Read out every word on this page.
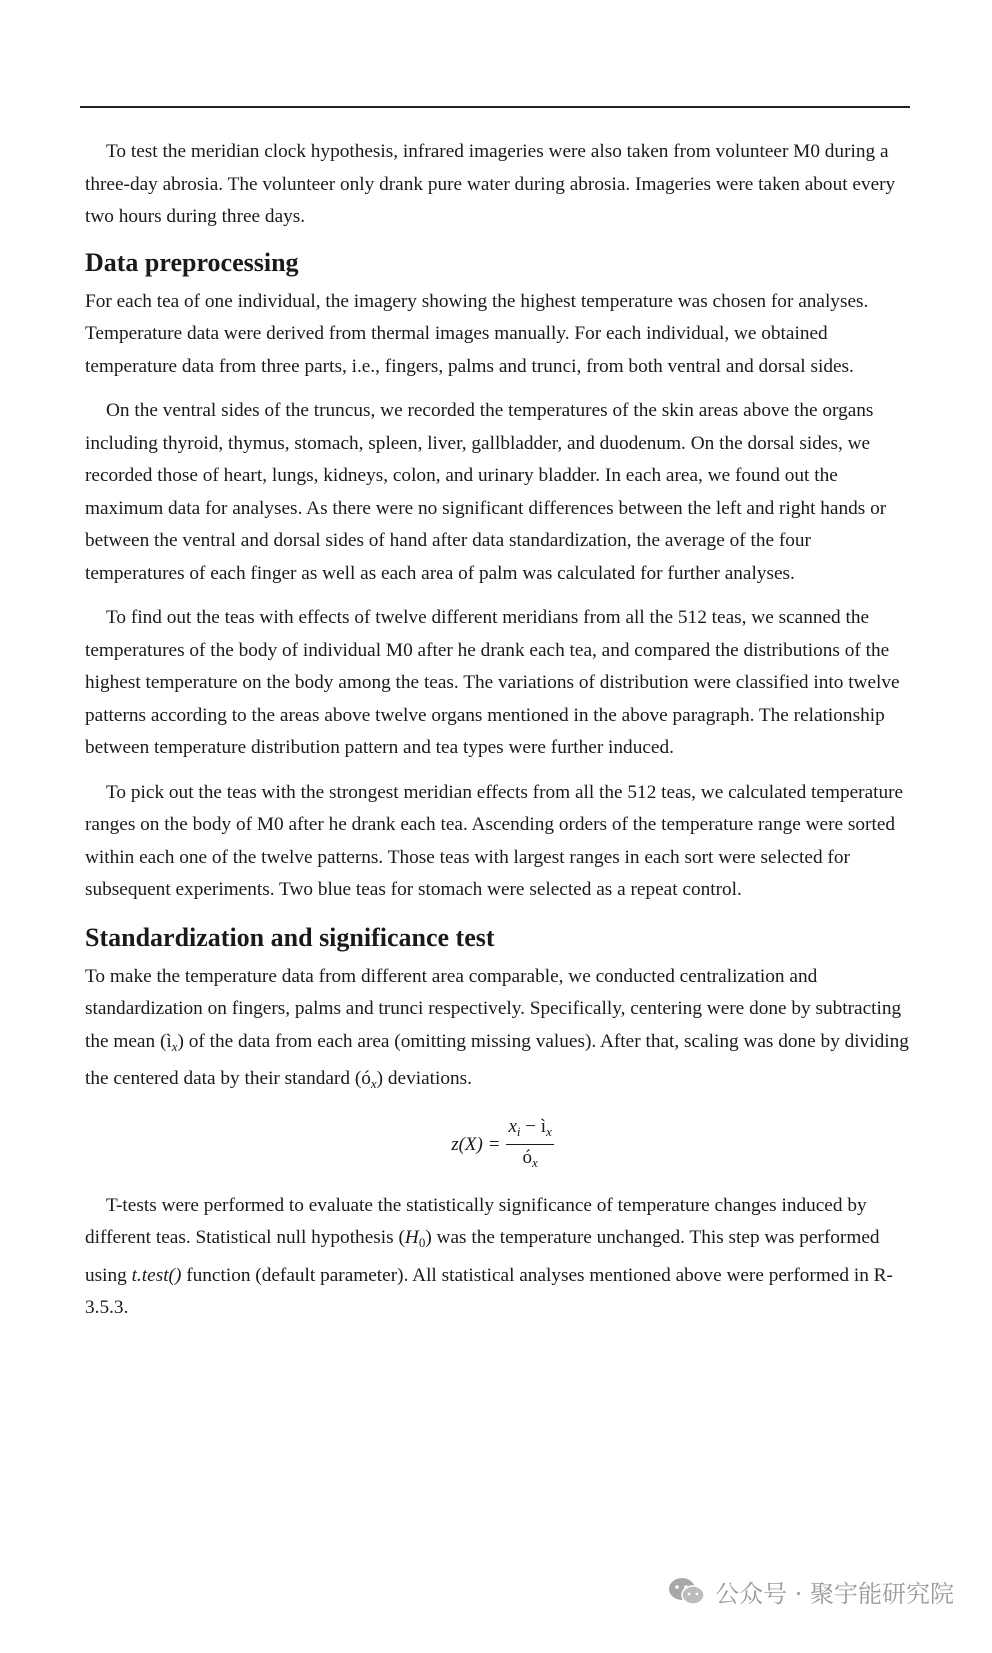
To test the meridian clock hypothesis, infrared imageries were also taken from volunteer M0 during a three-day abrosia. The volunteer only drank pure water during abrosia. Imageries were taken about every two hours during three days.

Data preprocessing

For each tea of one individual, the imagery showing the highest temperature was chosen for analyses. Temperature data were derived from thermal images manually. For each individual, we obtained temperature data from three parts, i.e., fingers, palms and trunci, from both ventral and dorsal sides.

On the ventral sides of the truncus, we recorded the temperatures of the skin areas above the organs including thyroid, thymus, stomach, spleen, liver, gallbladder, and duodenum. On the dorsal sides, we recorded those of heart, lungs, kidneys, colon, and urinary bladder. In each area, we found out the maximum data for analyses. As there were no significant differences between the left and right hands or between the ventral and dorsal sides of hand after data standardization, the average of the four temperatures of each finger as well as each area of palm was calculated for further analyses.

To find out the teas with effects of twelve different meridians from all the 512 teas, we scanned the temperatures of the body of individual M0 after he drank each tea, and compared the distributions of the highest temperature on the body among the teas. The variations of distribution were classified into twelve patterns according to the areas above twelve organs mentioned in the above paragraph. The relationship between temperature distribution pattern and tea types were further induced.

To pick out the teas with the strongest meridian effects from all the 512 teas, we calculated temperature ranges on the body of M0 after he drank each tea. Ascending orders of the temperature range were sorted within each one of the twelve patterns. Those teas with largest ranges in each sort were selected for subsequent experiments. Two blue teas for stomach were selected as a repeat control.

Standardization and significance test

To make the temperature data from different area comparable, we conducted centralization and standardization on fingers, palms and trunci respectively. Specifically, centering were done by subtracting the mean $(ì_x)$ of the data from each area (omitting missing values). After that, scaling was done by dividing the centered data by their standard $(ó_x)$ deviations.

$z(X) = \frac{x_i - ì_x}{ó_x}$

T-tests were performed to evaluate the statistically significance of temperature changes induced by different teas. Statistical null hypothesis $(H_0)$ was the temperature unchanged. This step was performed using t.test() function (default parameter). All statistical analyses mentioned above were performed in R-3.5.3.

公众号 · 聚宇能研究院
